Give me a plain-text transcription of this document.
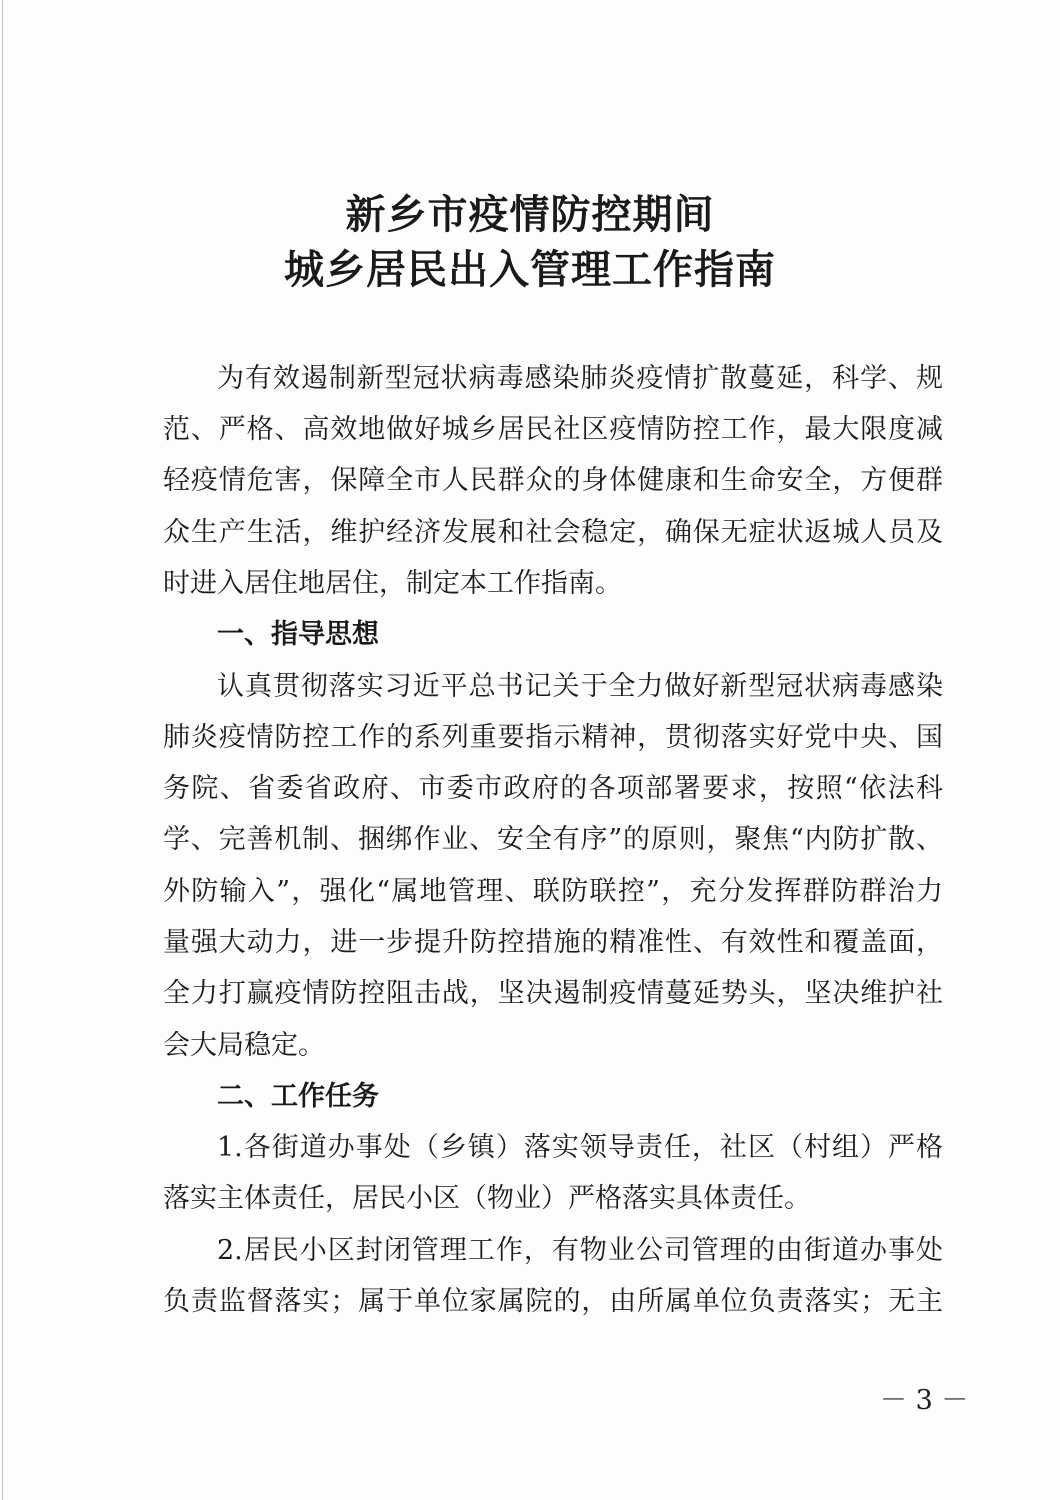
新乡市疫情防控期间
城乡居民出入管理工作指南

为有效遏制新型冠状病毒感染肺炎疫情扩散蔓延，科学、规

范、严格、高效地做好城乡居民社区疫情防控工作，最大限度减

轻疫情危害，保障全市人民群众的身体健康和生命安全，方便群

众生产生活，维护经济发展和社会稳定，确保无症状返城人员及

时进入居住地居住，制定本工作指南。

一、指导思想

认真贯彻落实习近平总书记关于全力做好新型冠状病毒感染

肺炎疫情防控工作的系列重要指示精神，贯彻落实好党中央、国

务院、省委省政府、市委市政府的各项部署要求，按照“依法科

学、完善机制、捆绑作业、安全有序”的原则，聚焦“内防扩散、

外防输入”，强化“属地管理、联防联控”，充分发挥群防群治力

量强大动力，进一步提升防控措施的精准性、有效性和覆盖面，

全力打赢疫情防控阻击战，坚决遏制疫情蔓延势头，坚决维护社

会大局稳定。

二、工作任务

1.各街道办事处（乡镇）落实领导责任，社区（村组）严格

落实主体责任，居民小区（物业）严格落实具体责任。

2.居民小区封闭管理工作，有物业公司管理的由街道办事处

负责监督落实；属于单位家属院的，由所属单位负责落实；无主

－ 3 －
